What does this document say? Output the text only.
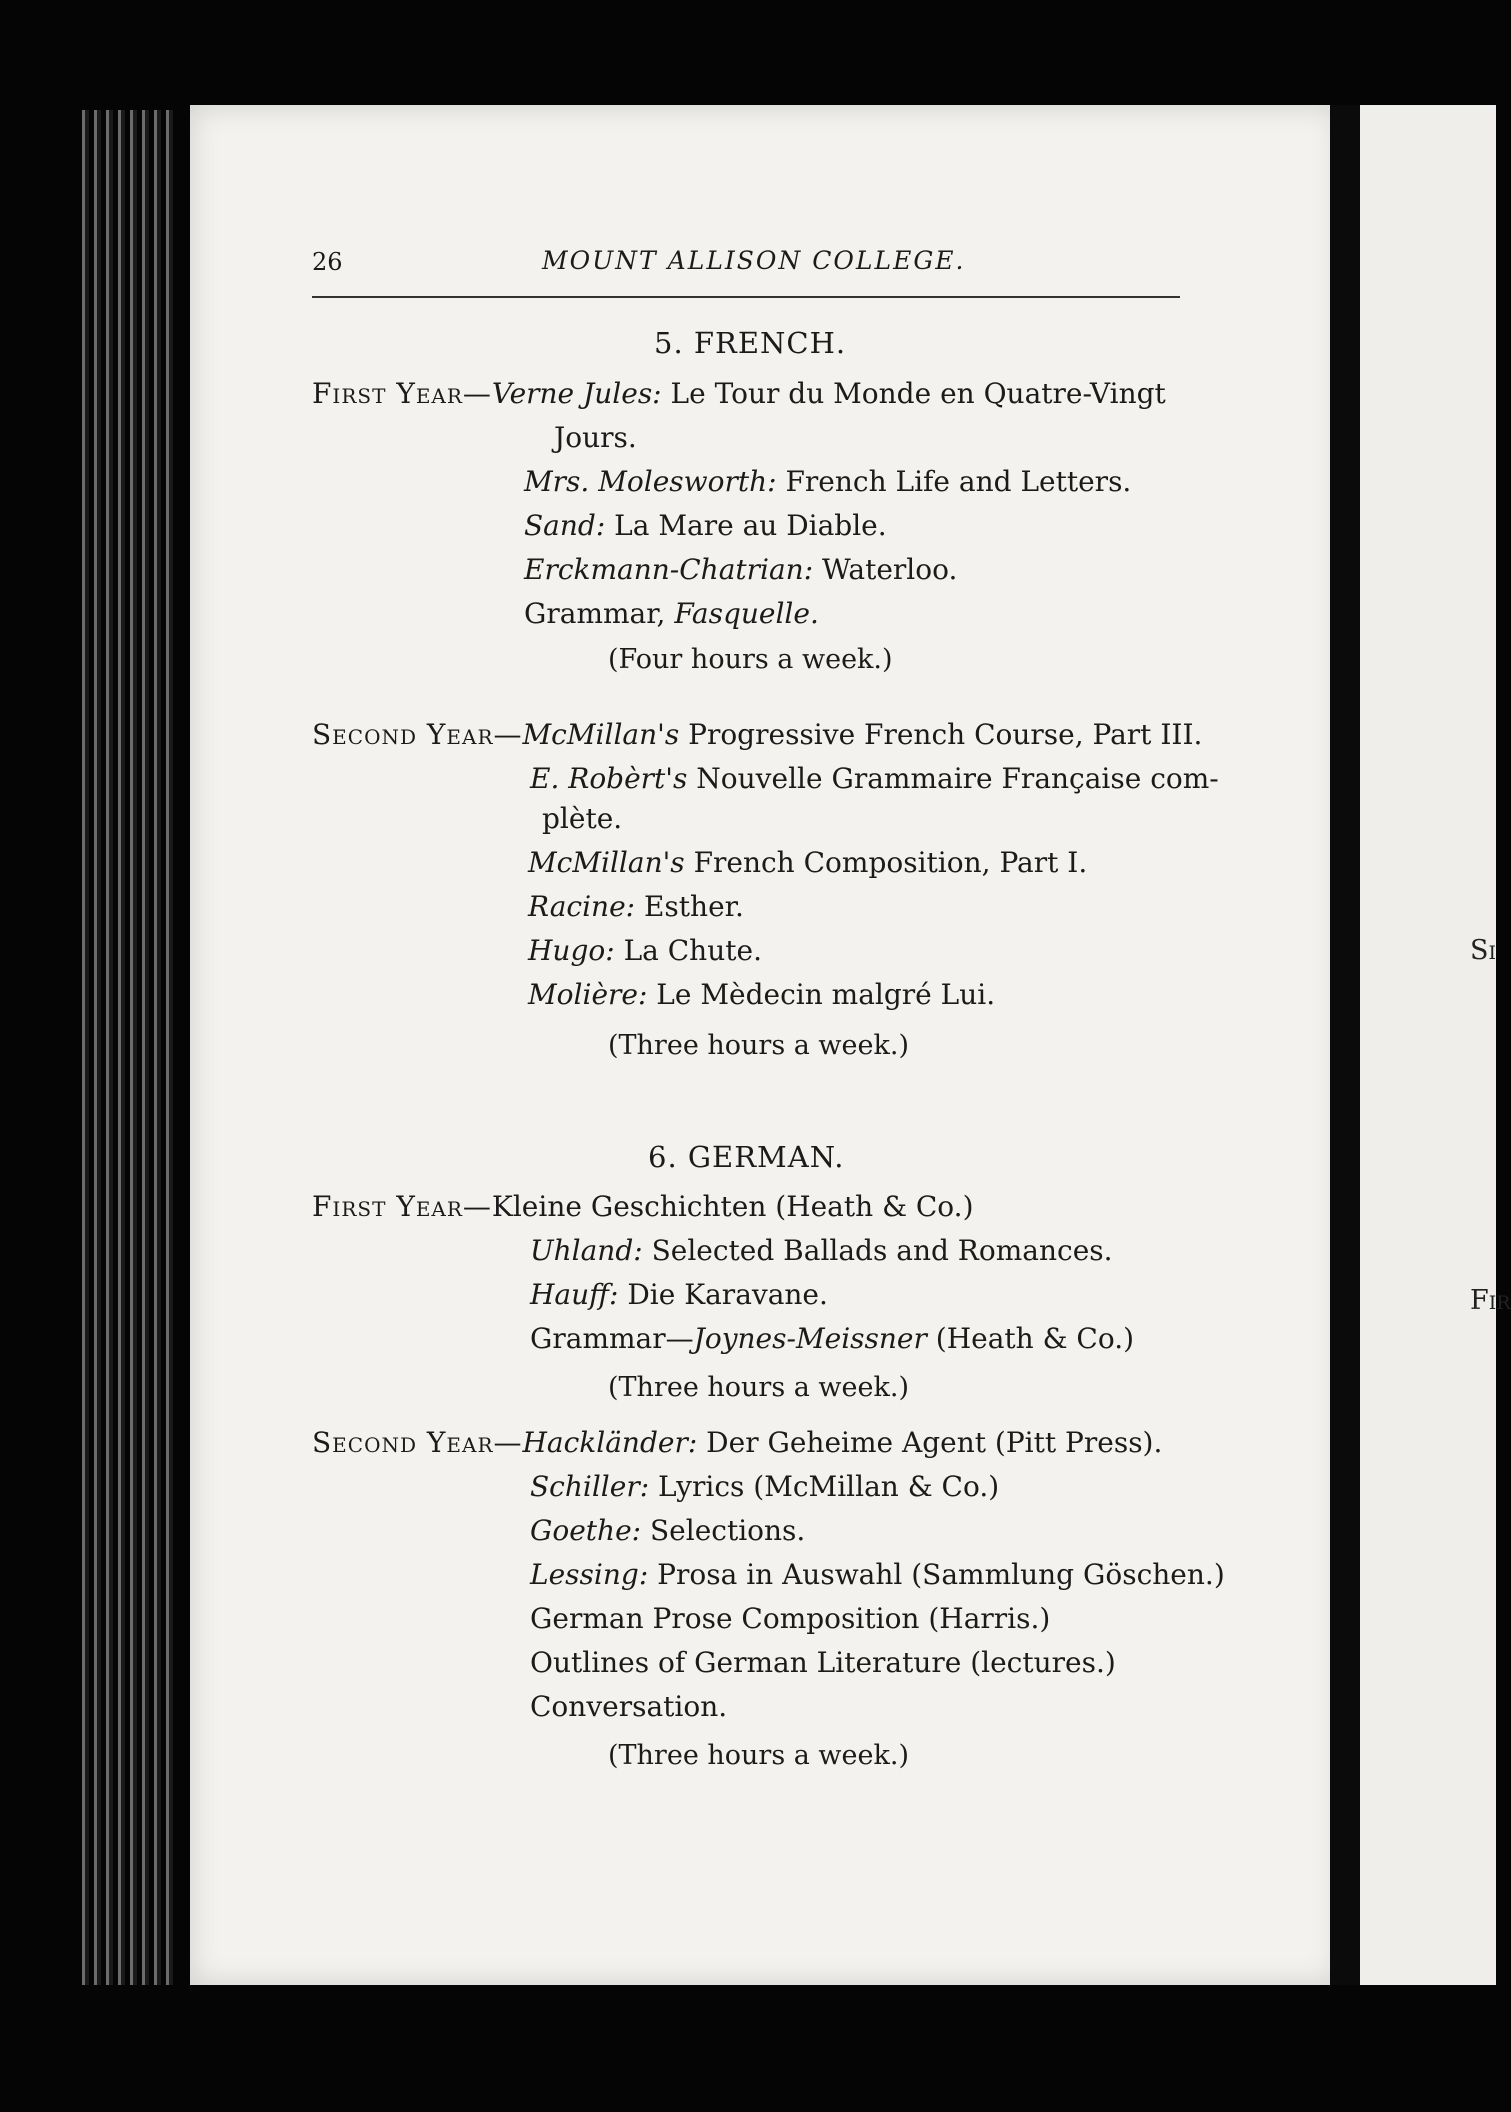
Si
Fir
26	MOUNT ALLISON COLLEGE.
5. FRENCH.
First Year—Verne Jules: Le Tour du Monde en Quatre-Vingt
Jours.
Mrs. Molesworth: French Life and Letters.
Sand: La Mare au Diable.
Erckmann-Chatrian: Waterloo.
Grammar, Fasquelle.
(Four hours a week.)
Second Year—McMillan's Progressive French Course, Part III.
E. Robèrt's Nouvelle Grammaire Française com-
plète.
McMillan's French Composition, Part I.
Racine: Esther.
Hugo: La Chute.
Molière: Le Mèdecin malgré Lui.
(Three hours a week.)
6. GERMAN.
First Year—Kleine Geschichten (Heath & Co.)
Uhland: Selected Ballads and Romances.
Hauff: Die Karavane.
Grammar—Joynes-Meissner (Heath & Co.)
(Three hours a week.)
Second Year—Hackländer: Der Geheime Agent (Pitt Press).
Schiller: Lyrics (McMillan & Co.)
Goethe: Selections.
Lessing: Prosa in Auswahl (Sammlung Göschen.)
German Prose Composition (Harris.)
Outlines of German Literature (lectures.)
Conversation.
(Three hours a week.)
